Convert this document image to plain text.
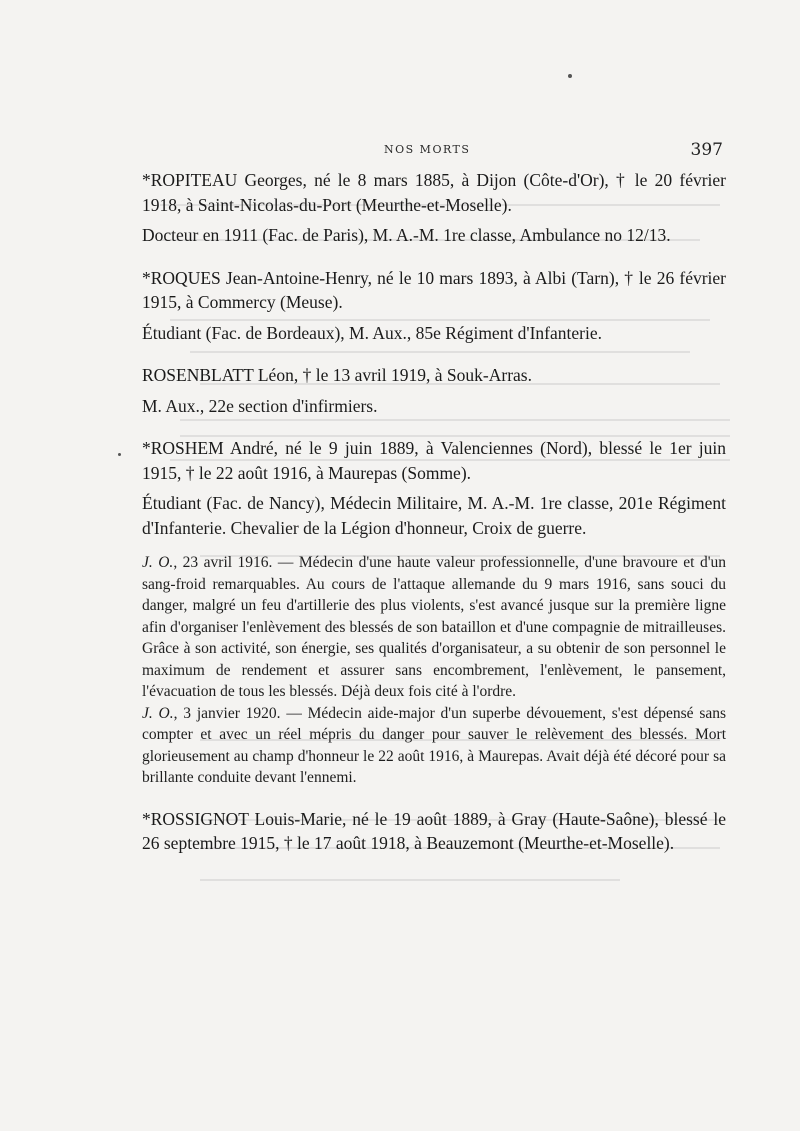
NOS MORTS	397

*ROPITEAU Georges, né le 8 mars 1885, à Dijon (Côte-d'Or), † le 20 février 1918, à Saint-Nicolas-du-Port (Meurthe-et-Moselle).

Docteur en 1911 (Fac. de Paris), M. A.-M. 1re classe, Ambulance no 12/13.

*ROQUES Jean-Antoine-Henry, né le 10 mars 1893, à Albi (Tarn), † le 26 février 1915, à Commercy (Meuse).

Étudiant (Fac. de Bordeaux), M. Aux., 85e Régiment d'Infanterie.

ROSENBLATT Léon, † le 13 avril 1919, à Souk-Arras.

M. Aux., 22e section d'infirmiers.

*ROSHEM André, né le 9 juin 1889, à Valenciennes (Nord), blessé le 1er juin 1915, † le 22 août 1916, à Maurepas (Somme).

Étudiant (Fac. de Nancy), Médecin Militaire, M. A.-M. 1re classe, 201e Régiment d'Infanterie. Chevalier de la Légion d'honneur, Croix de guerre.

J. O., 23 avril 1916. — Médecin d'une haute valeur professionnelle, d'une bravoure et d'un sang-froid remarquables. Au cours de l'attaque allemande du 9 mars 1916, sans souci du danger, malgré un feu d'artillerie des plus violents, s'est avancé jusque sur la première ligne afin d'organiser l'enlèvement des blessés de son bataillon et d'une compagnie de mitrailleuses. Grâce à son activité, son énergie, ses qualités d'organisateur, a su obtenir de son personnel le maximum de rendement et assurer sans encombrement, l'enlèvement, le pansement, l'évacuation de tous les blessés. Déjà deux fois cité à l'ordre.

J. O., 3 janvier 1920. — Médecin aide-major d'un superbe dévouement, s'est dépensé sans compter et avec un réel mépris du danger pour sauver le relèvement des blessés. Mort glorieusement au champ d'honneur le 22 août 1916, à Maurepas. Avait déjà été décoré pour sa brillante conduite devant l'ennemi.

*ROSSIGNOT Louis-Marie, né le 19 août 1889, à Gray (Haute-Saône), blessé le 26 septembre 1915, † le 17 août 1918, à Beauzemont (Meurthe-et-Moselle).
